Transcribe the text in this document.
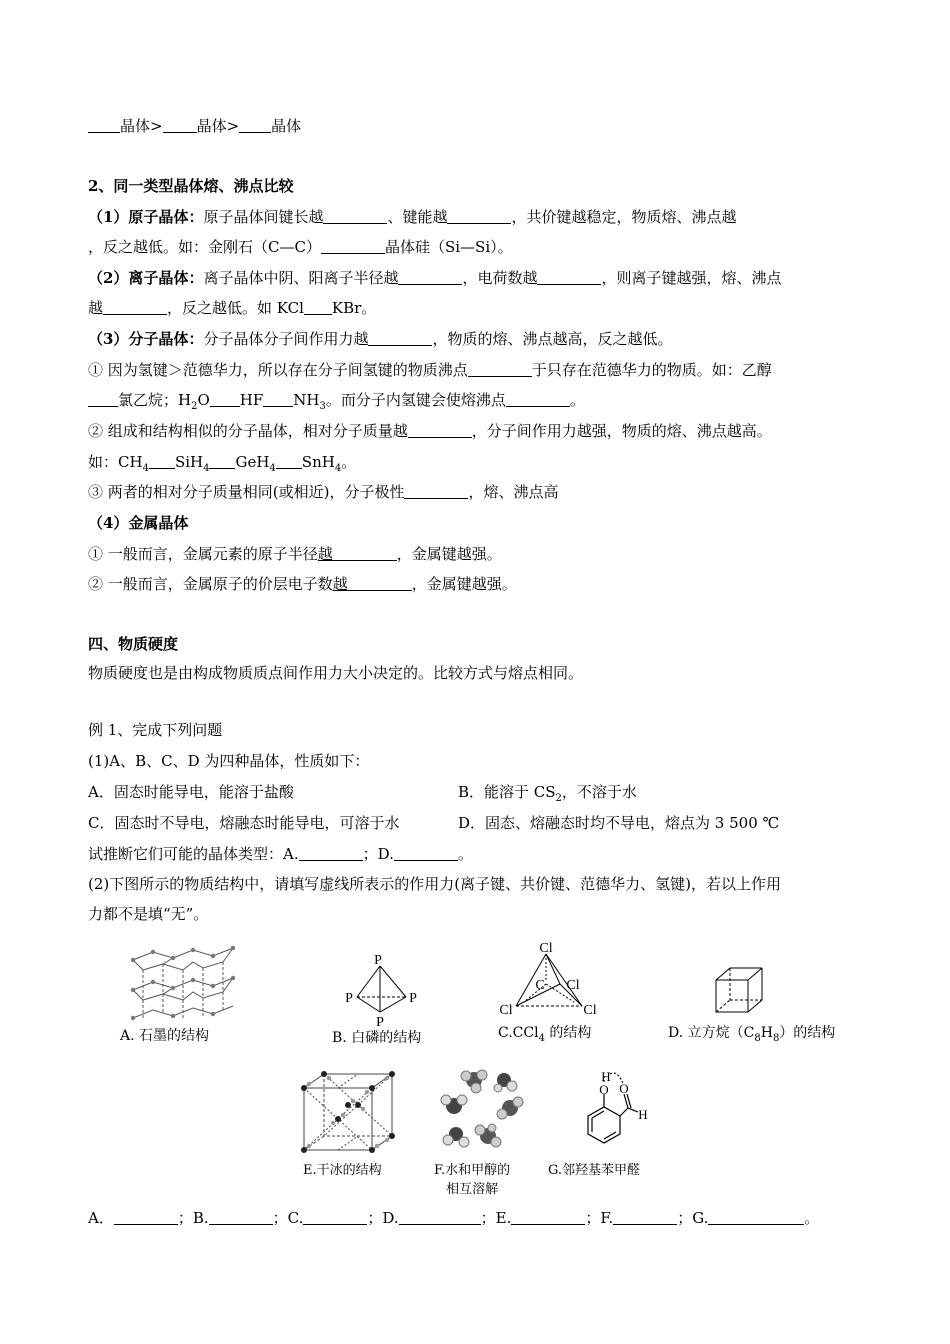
晶体> 晶体> 晶体
2、同一类型晶体熔、沸点比较
（1）原子晶体：原子晶体间键长越	、键能越	，共价键越稳定，物质熔、沸点越
，反之越低。如：金刚石（C—C）	晶体硅（Si—Si）。
（2）离子晶体：离子晶体中阴、阳离子半径越	，电荷数越	，则离子键越强，熔、沸点
越	，反之越低。如 KCl KBr。
（3）分子晶体：分子晶体分子间作用力越	，物质的熔、沸点越高，反之越低。
① 因为氢键＞范德华力，所以存在分子间氢键的物质沸点	于只存在范德华力的物质。如：乙醇
氯乙烷；$H_2O$ HF $NH_3$。而分子内氢键会使熔沸点	。
② 组成和结构相似的分子晶体，相对分子质量越	，分子间作用力越强，物质的熔、沸点越高。
如：$CH_4$ SiH$_4$ GeH$_4$ SnH$_4$。
③ 两者的相对分子质量相同(或相近)，分子极性	，熔、沸点高
（4）金属晶体
① 一般而言，金属元素的原子半径越	，金属键越强。
② 一般而言，金属原子的价层电子数越	，金属键越强。
四、物质硬度
物质硬度也是由构成物质质点间作用力大小决定的。比较方式与熔点相同。
例 1、完成下列问题
(1)A、B、C、D 为四种晶体，性质如下：
A．固态时能导电，能溶于盐酸	B．能溶于 $CS_2$，不溶于水
C．固态时不导电，熔融态时能导电，可溶于水	D．固态、熔融态时均不导电，熔点为 3 500 ℃
试推断它们可能的晶体类型：A.	；D.	。
(2)下图所示的物质结构中，请填写虚线所表示的作用力(离子键、共价键、范德华力、氢键)，若以上作用
力都不是填“无”。
A. 石墨的结构
P
P	P
P
B. 白磷的结构
Cl
C Cl
Cl	Cl
C.CCl$_4$ 的结构	D. 立方烷$(C_8H_8)$的结构
E.干冰的结构	F.水和甲醇的
相互溶解
H
O O
H
G.邻羟基苯甲醛
A．	；B.	；C.	；D.	；E.	；F.	；G.	。
